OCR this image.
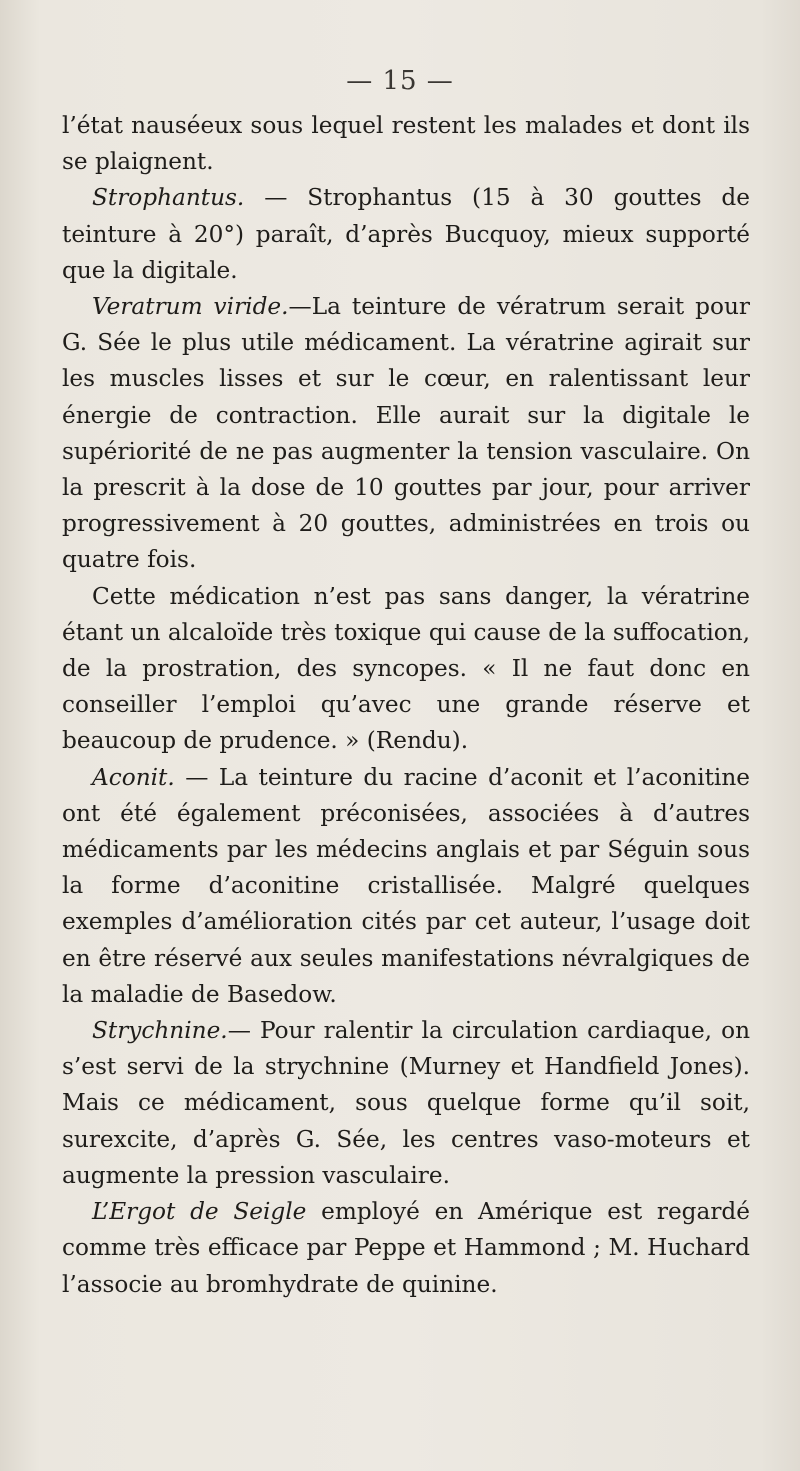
— 15 —

l’état nauséeux sous lequel restent les malades et dont ils se plaignent.

Strophantus. — Strophantus (15 à 30 gouttes de teinture à 20°) paraît, d’après Bucquoy, mieux supporté que la digitale.

Veratrum viride.—La teinture de vératrum serait pour G. Sée le plus utile médicament. La vératrine agirait sur les muscles lisses et sur le cœur, en ralentissant leur énergie de contraction. Elle aurait sur la digitale le supériorité de ne pas augmenter la tension vasculaire. On la prescrit à la dose de 10 gouttes par jour, pour arriver progressivement à 20 gouttes, administrées en trois ou quatre fois.

Cette médication n’est pas sans danger, la vératrine étant un alcaloïde très toxique qui cause de la suffocation, de la prostration, des syncopes. « Il ne faut donc en conseiller l’emploi qu’avec une grande réserve et beaucoup de prudence. » (Rendu).

Aconit. — La teinture du racine d’aconit et l’aconitine ont été également préconisées, associées à d’autres médicaments par les médecins anglais et par Séguin sous la forme d’aconitine cristallisée. Malgré quelques exemples d’amélioration cités par cet auteur, l’usage doit en être réservé aux seules manifestations névralgiques de la maladie de Basedow.

Strychnine.— Pour ralentir la circulation cardiaque, on s’est servi de la strychnine (Murney et Handfield Jones). Mais ce médicament, sous quelque forme qu’il soit, surexcite, d’après G. Sée, les centres vaso-moteurs et augmente la pression vasculaire.

L’Ergot de Seigle employé en Amérique est regardé comme très efficace par Peppe et Hammond ; M. Huchard l’associe au bromhydrate de quinine.
